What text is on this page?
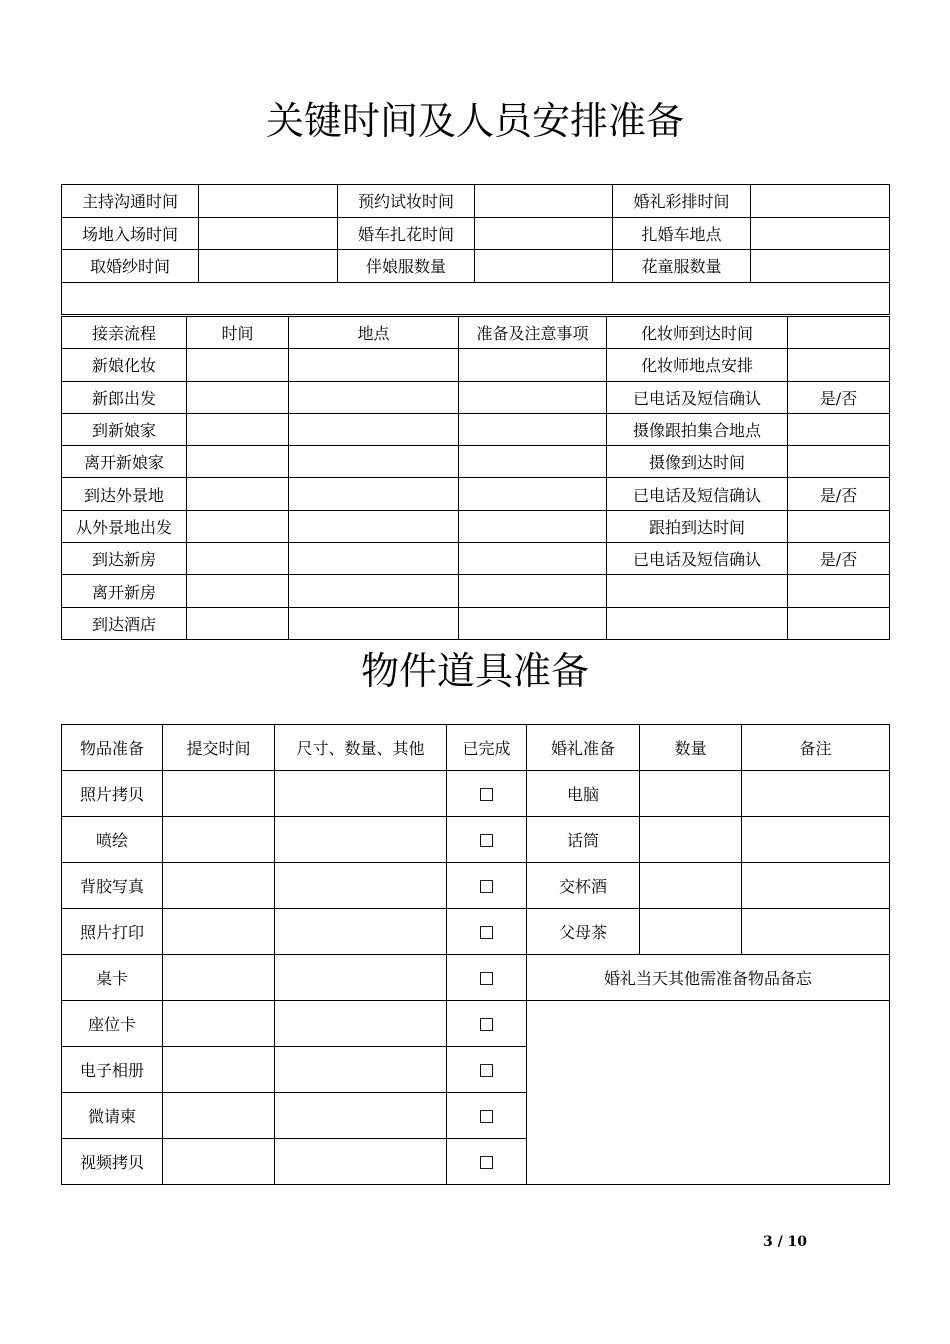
关键时间及人员安排准备
主持沟通时间		预约试妆时间		婚礼彩排时间	
场地入场时间		婚车扎花时间		扎婚车地点	
取婚纱时间		伴娘服数量		花童服数量	

接亲流程	时间	地点	准备及注意事项	化妆师到达时间	
新娘化妆				化妆师地点安排	
新郎出发				已电话及短信确认	是/否
到新娘家				摄像跟拍集合地点	
离开新娘家				摄像到达时间	
到达外景地				已电话及短信确认	是/否
从外景地出发				跟拍到达时间	
到达新房				已电话及短信确认	是/否
离开新房					
到达酒店					
物件道具准备
物品准备	提交时间	尺寸、数量、其他	已完成	婚礼准备	数量	备注
照片拷贝			□	电脑		
喷绘			□	话筒		
背胶写真			□	交杯酒		
照片打印			□	父母茶		
桌卡			□	婚礼当天其他需准备物品备忘		
座位卡			□			
电子相册			□			
微请柬			□			
视频拷贝			□			
3 / 10
